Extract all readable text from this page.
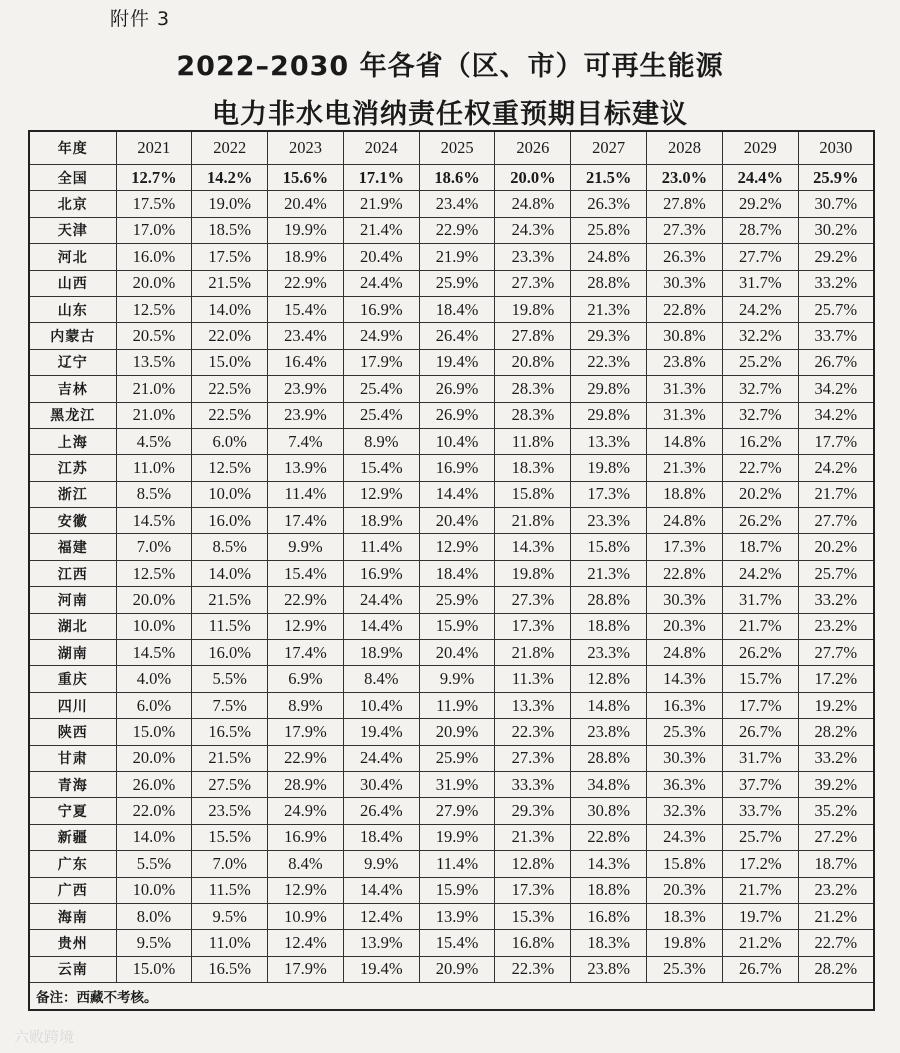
附件 3
2022–2030 年各省（区、市）可再生能源
电力非水电消纳责任权重预期目标建议
年度	2021	2022	2023	2024	2025	2026	2027	2028	2029	2030
全国	12.7%	14.2%	15.6%	17.1%	18.6%	20.0%	21.5%	23.0%	24.4%	25.9%
北京	17.5%	19.0%	20.4%	21.9%	23.4%	24.8%	26.3%	27.8%	29.2%	30.7%
天津	17.0%	18.5%	19.9%	21.4%	22.9%	24.3%	25.8%	27.3%	28.7%	30.2%
河北	16.0%	17.5%	18.9%	20.4%	21.9%	23.3%	24.8%	26.3%	27.7%	29.2%
山西	20.0%	21.5%	22.9%	24.4%	25.9%	27.3%	28.8%	30.3%	31.7%	33.2%
山东	12.5%	14.0%	15.4%	16.9%	18.4%	19.8%	21.3%	22.8%	24.2%	25.7%
内蒙古	20.5%	22.0%	23.4%	24.9%	26.4%	27.8%	29.3%	30.8%	32.2%	33.7%
辽宁	13.5%	15.0%	16.4%	17.9%	19.4%	20.8%	22.3%	23.8%	25.2%	26.7%
吉林	21.0%	22.5%	23.9%	25.4%	26.9%	28.3%	29.8%	31.3%	32.7%	34.2%
黑龙江	21.0%	22.5%	23.9%	25.4%	26.9%	28.3%	29.8%	31.3%	32.7%	34.2%
上海	4.5%	6.0%	7.4%	8.9%	10.4%	11.8%	13.3%	14.8%	16.2%	17.7%
江苏	11.0%	12.5%	13.9%	15.4%	16.9%	18.3%	19.8%	21.3%	22.7%	24.2%
浙江	8.5%	10.0%	11.4%	12.9%	14.4%	15.8%	17.3%	18.8%	20.2%	21.7%
安徽	14.5%	16.0%	17.4%	18.9%	20.4%	21.8%	23.3%	24.8%	26.2%	27.7%
福建	7.0%	8.5%	9.9%	11.4%	12.9%	14.3%	15.8%	17.3%	18.7%	20.2%
江西	12.5%	14.0%	15.4%	16.9%	18.4%	19.8%	21.3%	22.8%	24.2%	25.7%
河南	20.0%	21.5%	22.9%	24.4%	25.9%	27.3%	28.8%	30.3%	31.7%	33.2%
湖北	10.0%	11.5%	12.9%	14.4%	15.9%	17.3%	18.8%	20.3%	21.7%	23.2%
湖南	14.5%	16.0%	17.4%	18.9%	20.4%	21.8%	23.3%	24.8%	26.2%	27.7%
重庆	4.0%	5.5%	6.9%	8.4%	9.9%	11.3%	12.8%	14.3%	15.7%	17.2%
四川	6.0%	7.5%	8.9%	10.4%	11.9%	13.3%	14.8%	16.3%	17.7%	19.2%
陕西	15.0%	16.5%	17.9%	19.4%	20.9%	22.3%	23.8%	25.3%	26.7%	28.2%
甘肃	20.0%	21.5%	22.9%	24.4%	25.9%	27.3%	28.8%	30.3%	31.7%	33.2%
青海	26.0%	27.5%	28.9%	30.4%	31.9%	33.3%	34.8%	36.3%	37.7%	39.2%
宁夏	22.0%	23.5%	24.9%	26.4%	27.9%	29.3%	30.8%	32.3%	33.7%	35.2%
新疆	14.0%	15.5%	16.9%	18.4%	19.9%	21.3%	22.8%	24.3%	25.7%	27.2%
广东	5.5%	7.0%	8.4%	9.9%	11.4%	12.8%	14.3%	15.8%	17.2%	18.7%
广西	10.0%	11.5%	12.9%	14.4%	15.9%	17.3%	18.8%	20.3%	21.7%	23.2%
海南	8.0%	9.5%	10.9%	12.4%	13.9%	15.3%	16.8%	18.3%	19.7%	21.2%
贵州	9.5%	11.0%	12.4%	13.9%	15.4%	16.8%	18.3%	19.8%	21.2%	22.7%
云南	15.0%	16.5%	17.9%	19.4%	20.9%	22.3%	23.8%	25.3%	26.7%	28.2%
备注：西藏不考核。										
六败跨境
